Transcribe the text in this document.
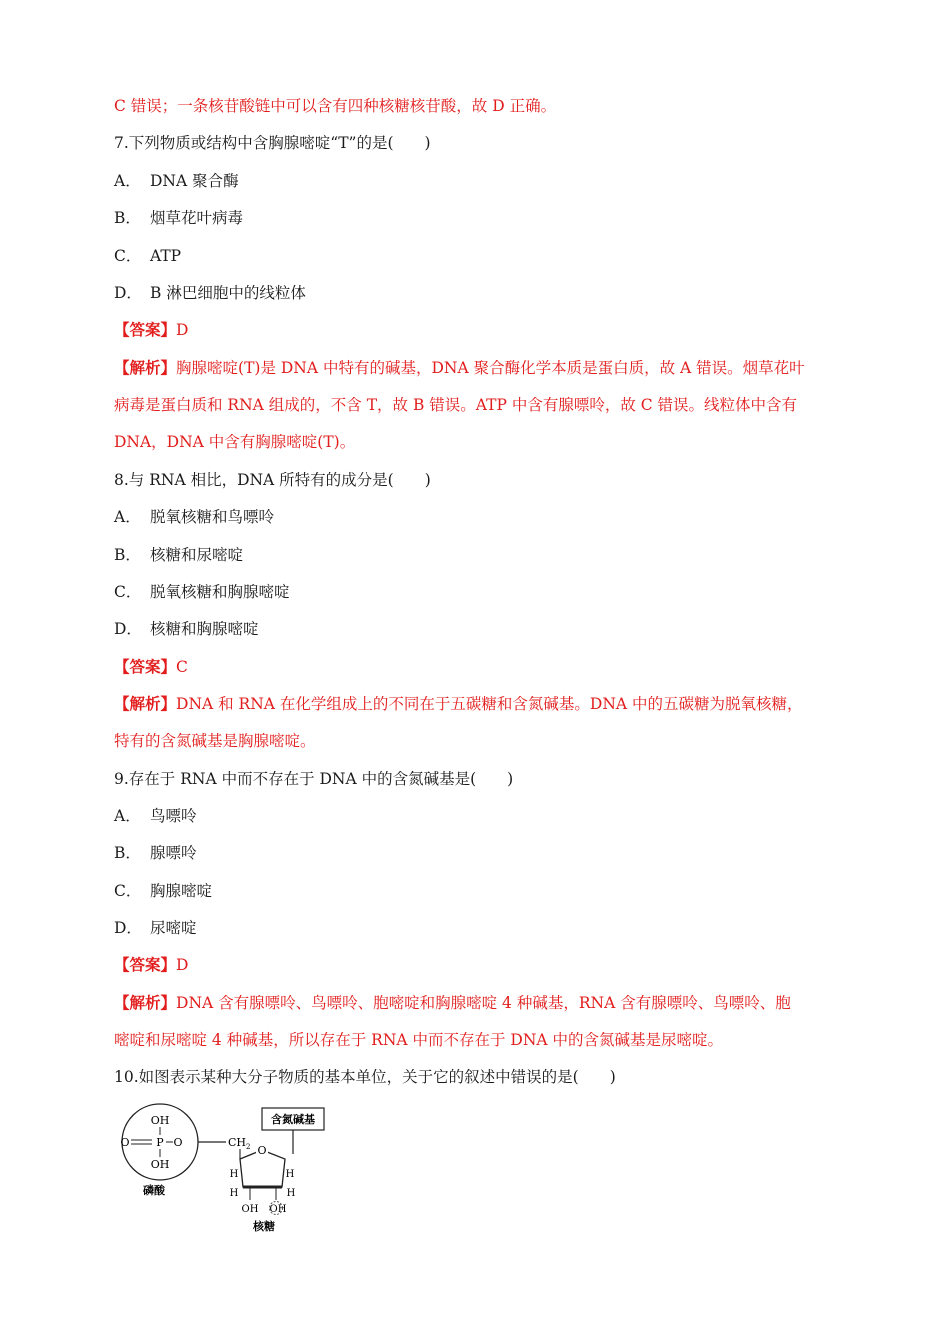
C 错误；一条核苷酸链中可以含有四种核糖核苷酸，故 D 正确。
7.下列物质或结构中含胸腺嘧啶“T”的是(　　)
A． DNA 聚合酶
B． 烟草花叶病毒
C． ATP
D． B 淋巴细胞中的线粒体
【答案】D
【解析】胸腺嘧啶(T)是 DNA 中特有的碱基，DNA 聚合酶化学本质是蛋白质，故 A 错误。烟草花叶
病毒是蛋白质和 RNA 组成的，不含 T，故 B 错误。ATP 中含有腺嘌呤，故 C 错误。线粒体中含有
DNA，DNA 中含有胸腺嘧啶(T)。
8.与 RNA 相比，DNA 所特有的成分是(　　)
A． 脱氧核糖和鸟嘌呤
B． 核糖和尿嘧啶
C． 脱氧核糖和胸腺嘧啶
D． 核糖和胸腺嘧啶
【答案】C
【解析】DNA 和 RNA 在化学组成上的不同在于五碳糖和含氮碱基。DNA 中的五碳糖为脱氧核糖，
特有的含氮碱基是胸腺嘧啶。
9.存在于 RNA 中而不存在于 DNA 中的含氮碱基是(　　)
A． 鸟嘌呤
B． 腺嘌呤
C． 胸腺嘧啶
D． 尿嘧啶
【答案】D
【解析】DNA 含有腺嘌呤、鸟嘌呤、胞嘧啶和胸腺嘧啶 4 种碱基，RNA 含有腺嘌呤、鸟嘌呤、胞
嘧啶和尿嘧啶 4 种碱基，所以存在于 RNA 中而不存在于 DNA 中的含氮碱基是尿嘧啶。
10.如图表示某种大分子物质的基本单位，关于它的叙述中错误的是(　　)
OH
O P O
OH
磷酸
$CH_2$
含氮碱基
O
H	H
H	H
OH OH
核糖
